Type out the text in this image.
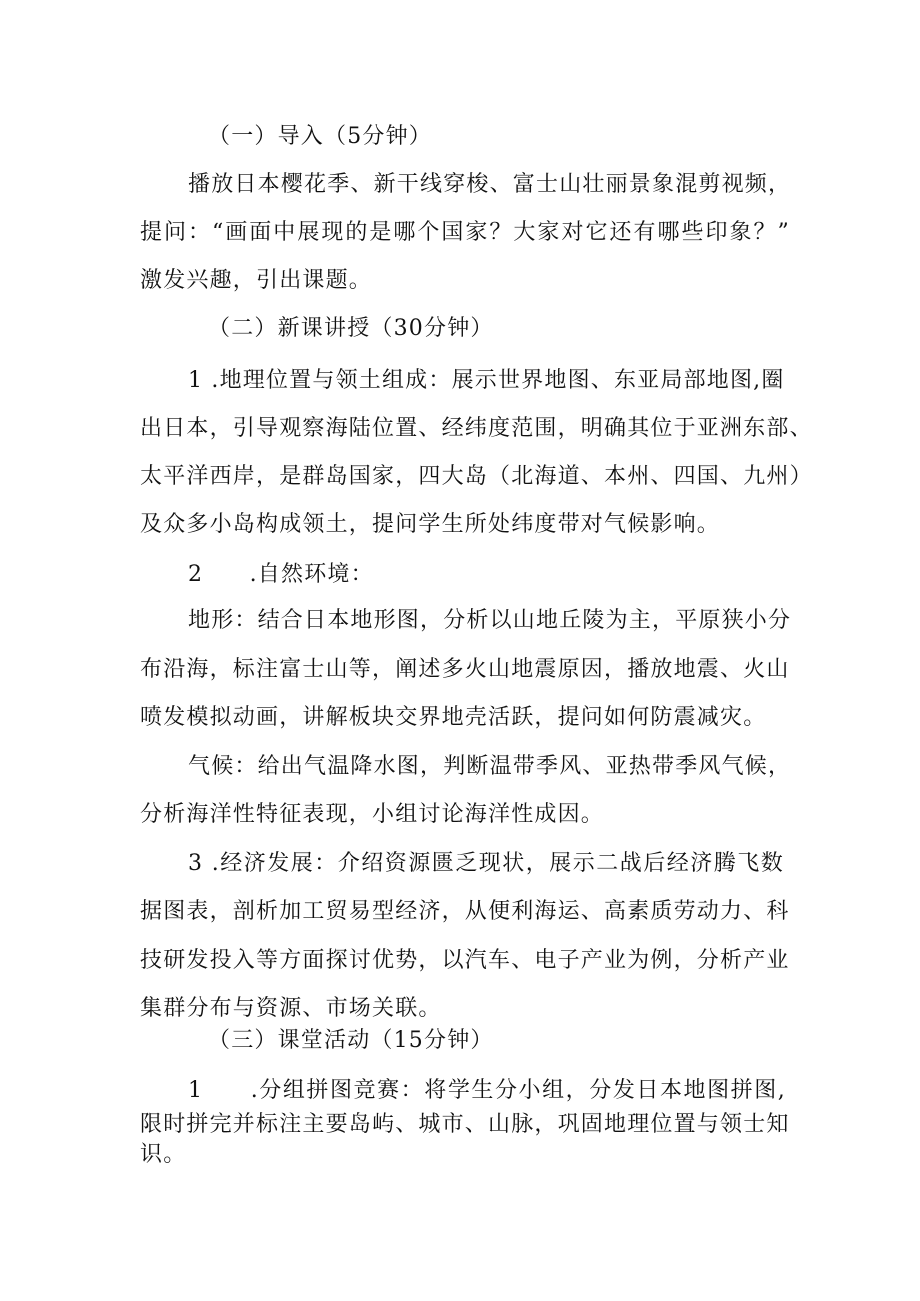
（一）导入（5分钟）
播放日本樱花季、新干线穿梭、富士山壮丽景象混剪视频，
提问：“画面中展现的是哪个国家？大家对它还有哪些印象？”
激发兴趣，引出课题。
（二）新课讲授（30分钟）
1 .地理位置与领土组成：展示世界地图、东亚局部地图,圈
出日本，引导观察海陆位置、经纬度范围，明确其位于亚洲东部、
太平洋西岸，是群岛国家，四大岛（北海道、本州、四国、九州）
及众多小岛构成领土，提问学生所处纬度带对气候影响。
2　　.自然环境：
地形：结合日本地形图，分析以山地丘陵为主，平原狭小分
布沿海，标注富士山等，阐述多火山地震原因，播放地震、火山
喷发模拟动画，讲解板块交界地壳活跃，提问如何防震减灾。
气候：给出气温降水图，判断温带季风、亚热带季风气候，
分析海洋性特征表现，小组讨论海洋性成因。
3 .经济发展：介绍资源匮乏现状，展示二战后经济腾飞数
据图表，剖析加工贸易型经济，从便利海运、高素质劳动力、科
技研发投入等方面探讨优势，以汽车、电子产业为例，分析产业
集群分布与资源、市场关联。
（三）课堂活动（15分钟）
1　　.分组拼图竞赛：将学生分小组，分发日本地图拼图,
限时拼完并标注主要岛屿、城市、山脉，巩固地理位置与领士知
识。
